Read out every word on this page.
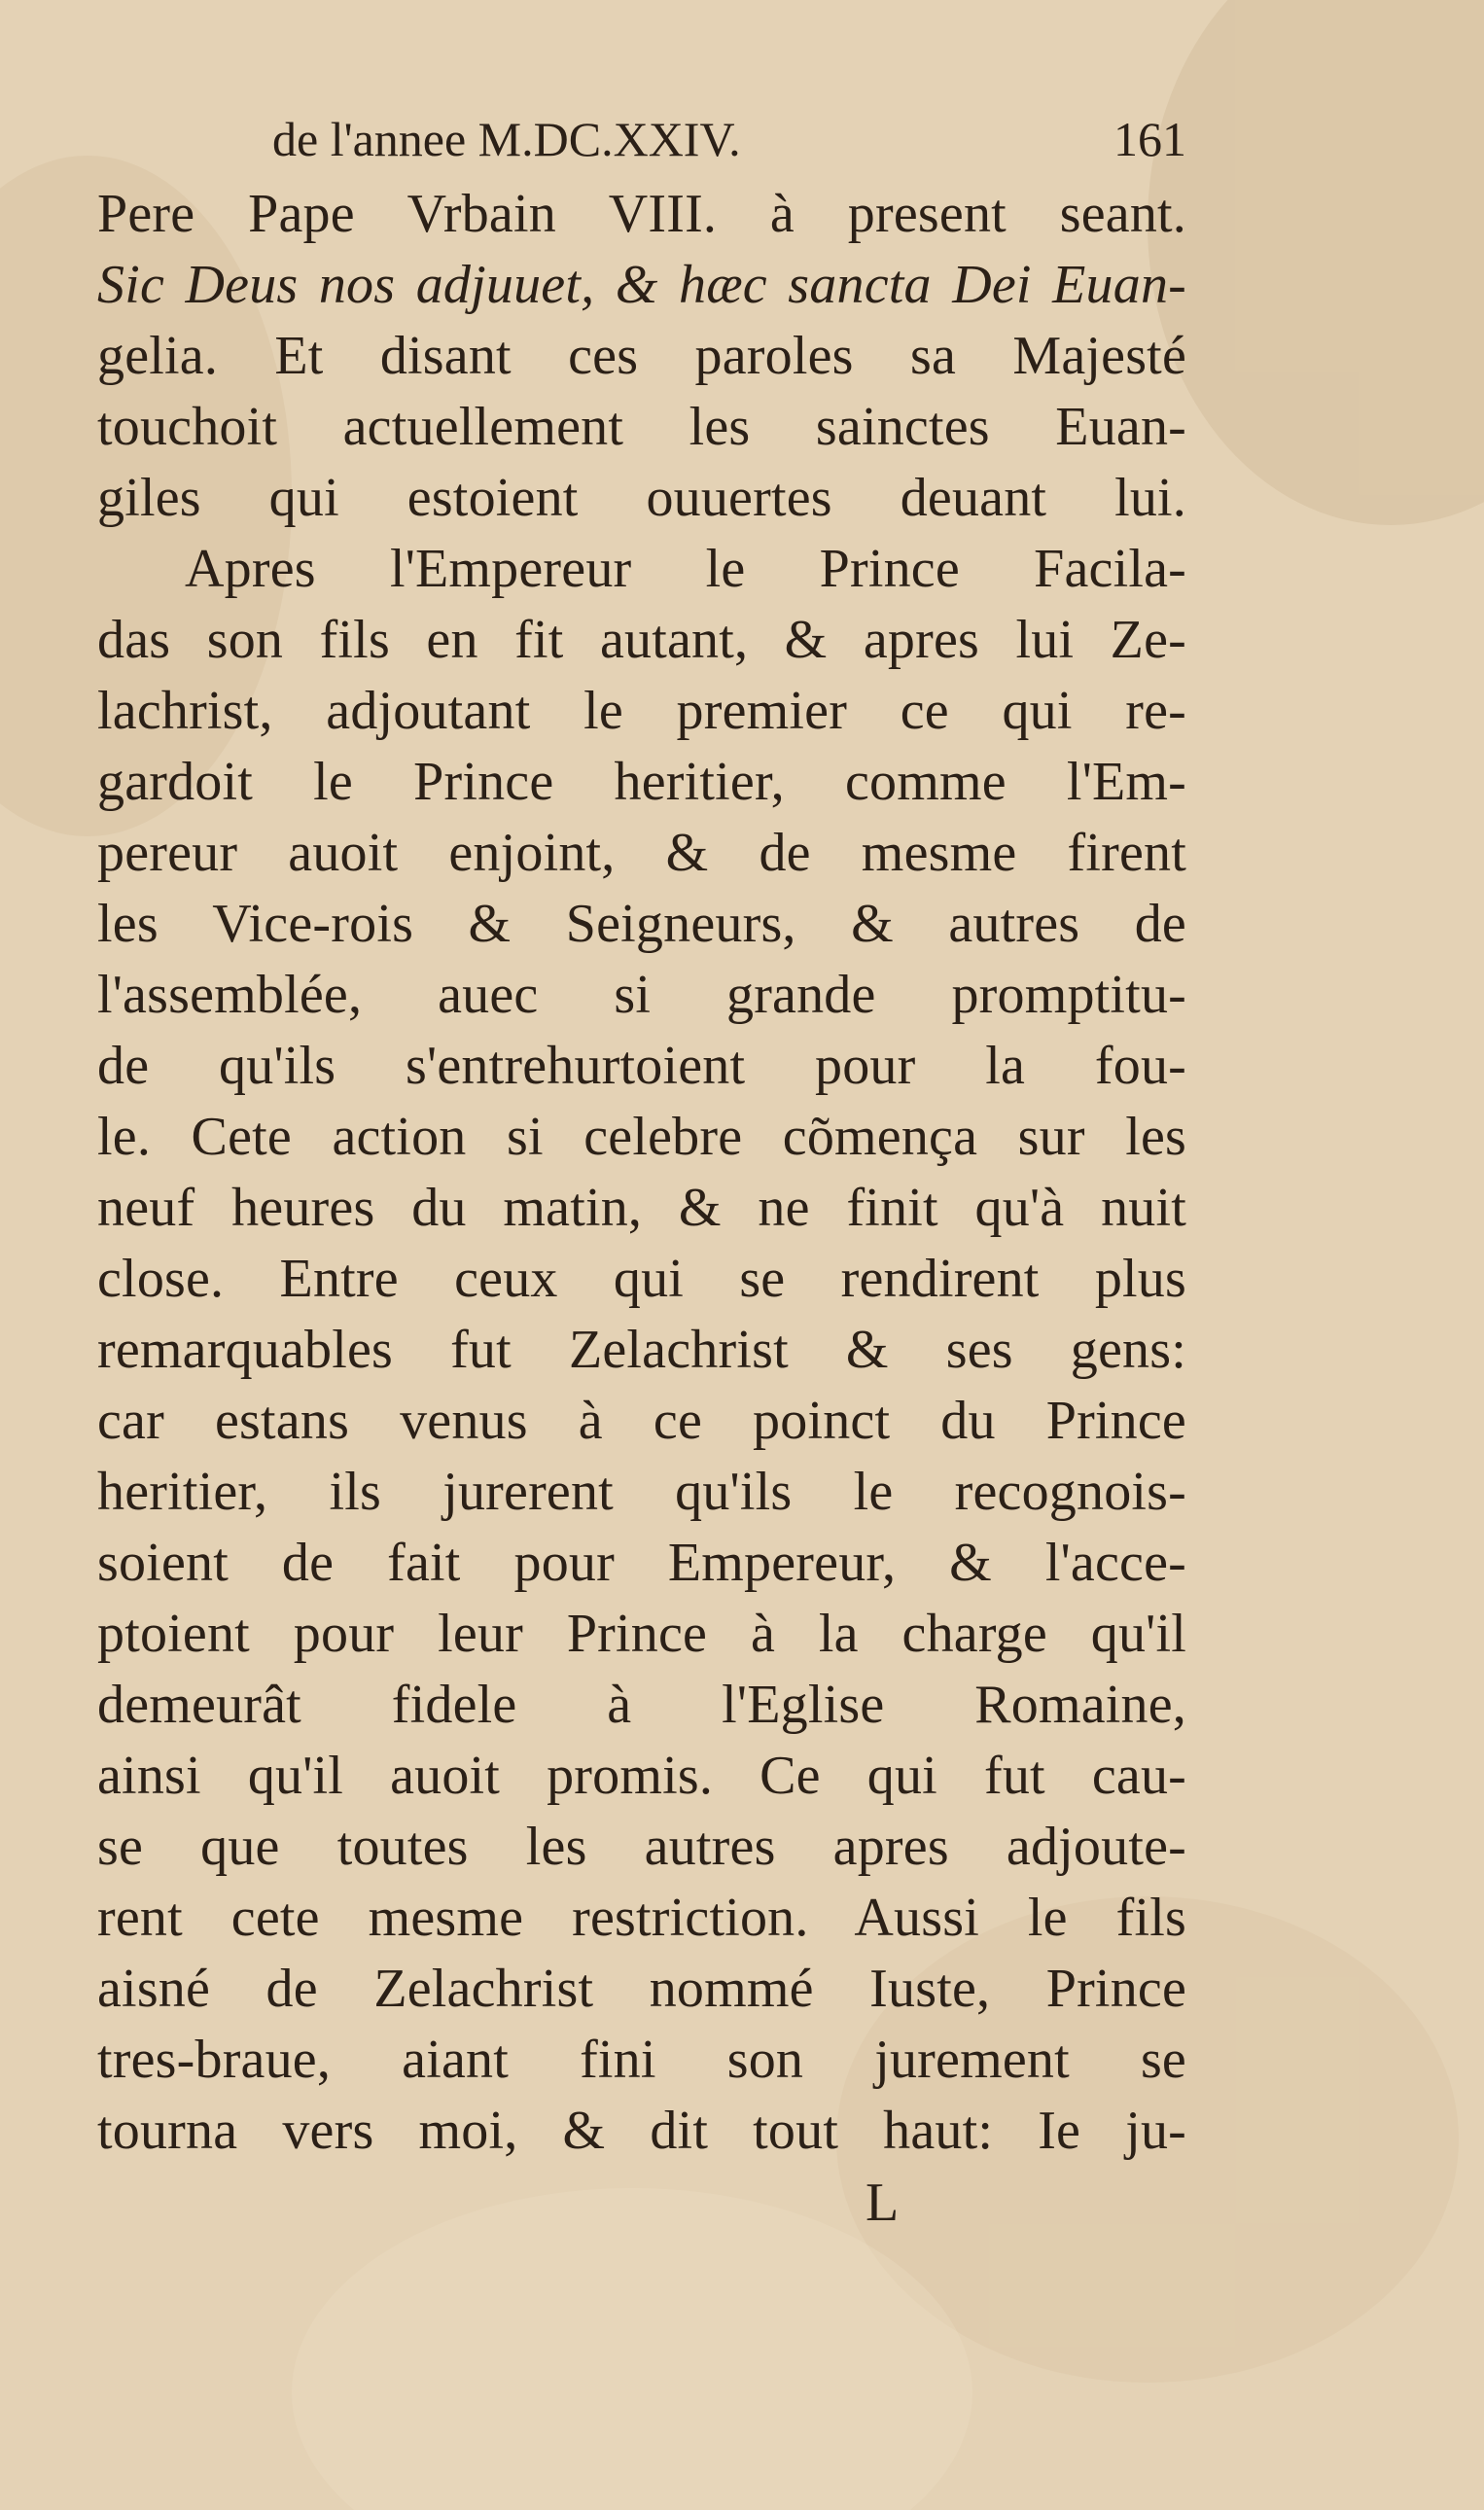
de l'annee M.DC.XXIV.	161
Pere Pape Vrbain VIII. à present seant.
Sic Deus nos adjuuet, & hæc sancta Dei Euan-
gelia. Et disant ces paroles sa Majesté
touchoit actuellement les sainctes Euan-
giles qui estoient ouuertes deuant lui.
Apres l'Empereur le Prince Facila-
das son fils en fit autant, & apres lui Ze-
lachrist, adjoutant le premier ce qui re-
gardoit le Prince heritier, comme l'Em-
pereur auoit enjoint, & de mesme firent
les Vice-rois & Seigneurs, & autres de
l'assemblée, auec si grande promptitu-
de qu'ils s'entrehurtoient pour la fou-
le. Cete action si celebre cõmença sur les
neuf heures du matin, & ne finit qu'à nuit
close. Entre ceux qui se rendirent plus
remarquables fut Zelachrist & ses gens:
car estans venus à ce poinct du Prince
heritier, ils jurerent qu'ils le recognois-
soient de fait pour Empereur, & l'acce-
ptoient pour leur Prince à la charge qu'il
demeurât fidele à l'Eglise Romaine,
ainsi qu'il auoit promis. Ce qui fut cau-
se que toutes les autres apres adjoute-
rent cete mesme restriction. Aussi le fils
aisné de Zelachrist nommé Iuste, Prince
tres-braue, aiant fini son jurement se
tourna vers moi, & dit tout haut: Ie ju-
L
